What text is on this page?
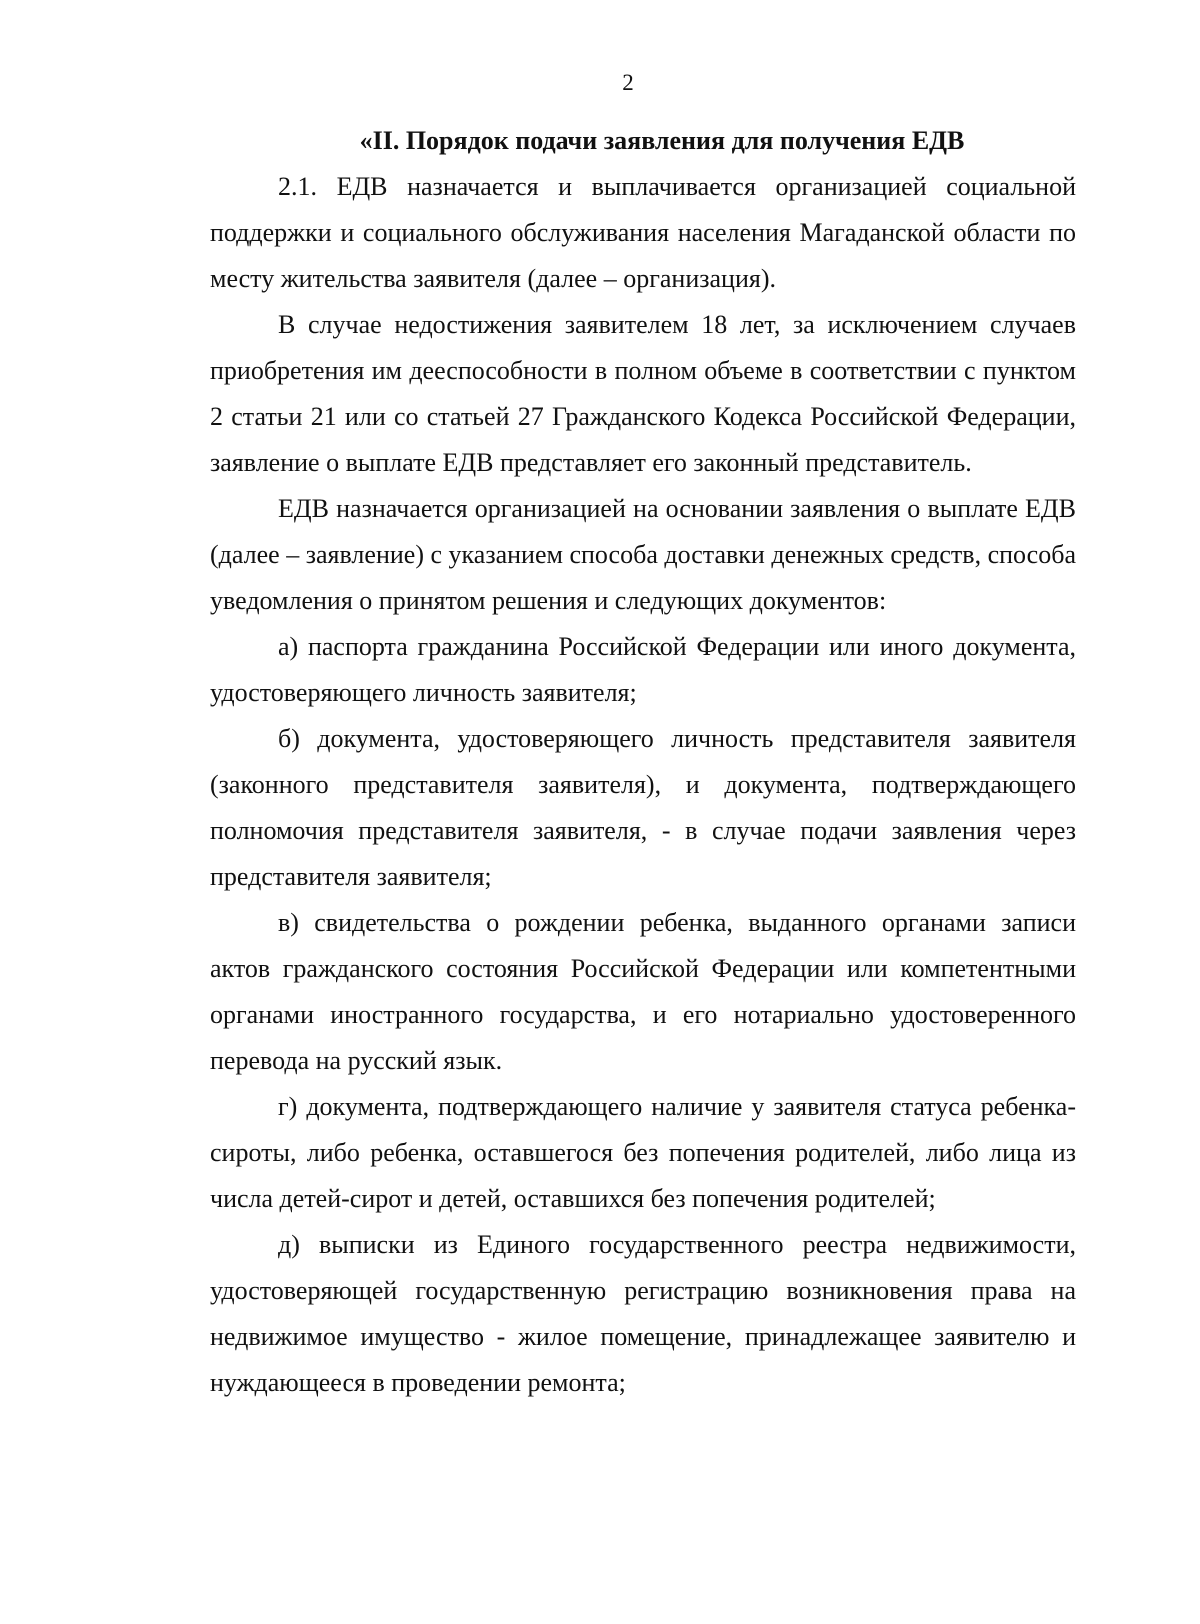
2
«II. Порядок подачи заявления для получения ЕДВ

2.1. ЕДВ назначается и выплачивается организацией социальной поддержки и социального обслуживания населения Магаданской области по месту жительства заявителя (далее – организация).

В случае недостижения заявителем 18 лет, за исключением случаев приобретения им дееспособности в полном объеме в соответствии с пунктом 2 статьи 21 или со статьей 27 Гражданского Кодекса Российской Федерации, заявление о выплате ЕДВ представляет его законный представитель.

ЕДВ назначается организацией на основании заявления о выплате ЕДВ (далее – заявление) с указанием способа доставки денежных средств, способа уведомления о принятом решения и следующих документов:

а) паспорта гражданина Российской Федерации или иного документа, удостоверяющего личность заявителя;

б) документа, удостоверяющего личность представителя заявителя (законного представителя заявителя), и документа, подтверждающего полномочия представителя заявителя, - в случае подачи заявления через представителя заявителя;

в) свидетельства о рождении ребенка, выданного органами записи актов гражданского состояния Российской Федерации или компетентными органами иностранного государства, и его нотариально удостоверенного перевода на русский язык.

г) документа, подтверждающего наличие у заявителя статуса ребенка-сироты, либо ребенка, оставшегося без попечения родителей, либо лица из числа детей-сирот и детей, оставшихся без попечения родителей;

д) выписки из Единого государственного реестра недвижимости, удостоверяющей государственную регистрацию возникновения права на недвижимое имущество - жилое помещение, принадлежащее заявителю и нуждающееся в проведении ремонта;
